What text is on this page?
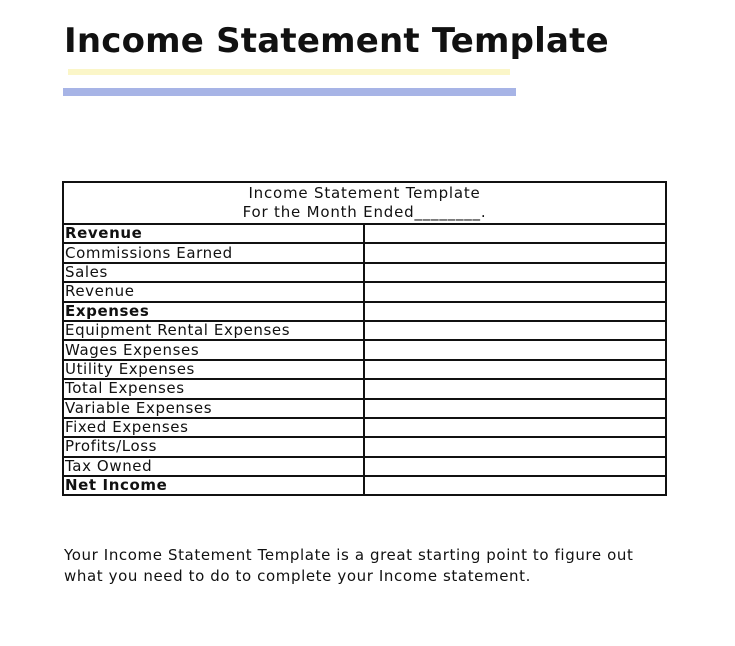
Income Statement Template
Income Statement Template
For the Month Ended________.	

Revenue	
Commissions Earned	
Sales	
Revenue	
Expenses	
Equipment Rental Expenses	
Wages Expenses	
Utility Expenses	
Total Expenses	
Variable Expenses	
Fixed Expenses	
Profits/Loss	
Tax Owned	
Net Income	
Your Income Statement Template is a great starting point to figure out
what you need to do to complete your Income statement.
